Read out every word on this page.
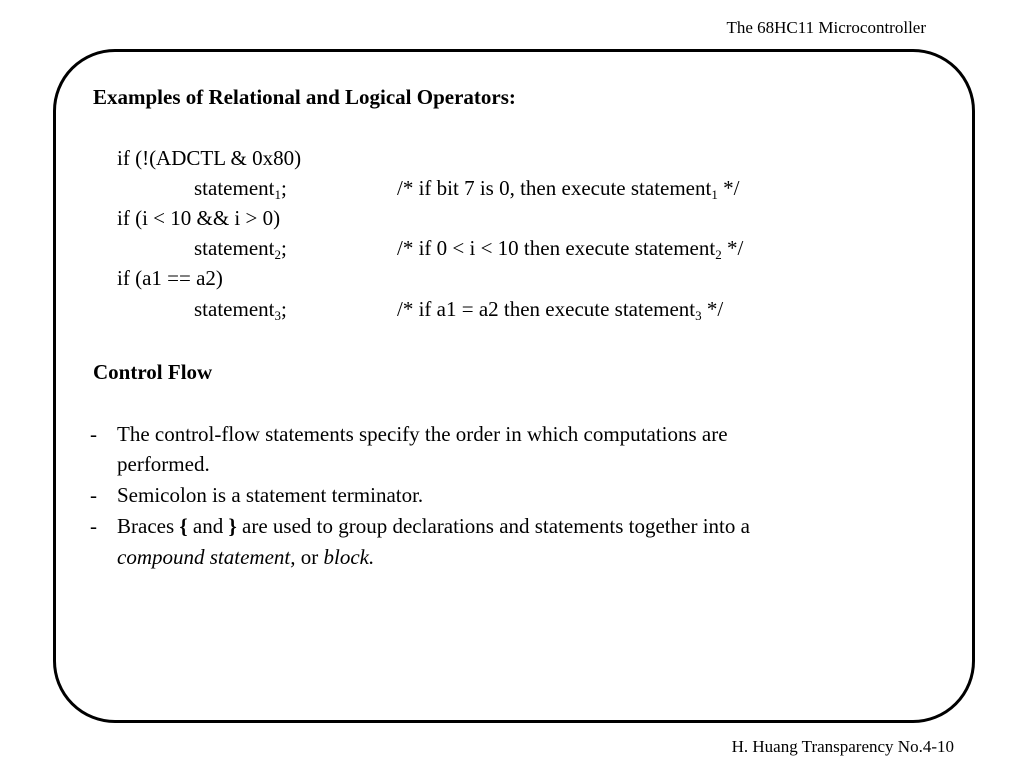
The 68HC11 Microcontroller
Examples of Relational and Logical Operators:
if (!(ADCTL & 0x80)
statement$_1$;	/* if bit 7 is 0, then execute statement$_1$ */
if (i < 10 && i > 0)
statement$_2$;	/* if 0 < i < 10 then execute statement$_2$ */
if (a1 == a2)
statement$_3$;	/* if a1 = a2 then execute statement$_3$ */
Control Flow
- The control-flow statements specify the order in which computations are
performed.
- Semicolon is a statement terminator.
- Braces { and } are used to group declarations and statements together into a
compound statement, or block.
H. Huang Transparency No.4-10
